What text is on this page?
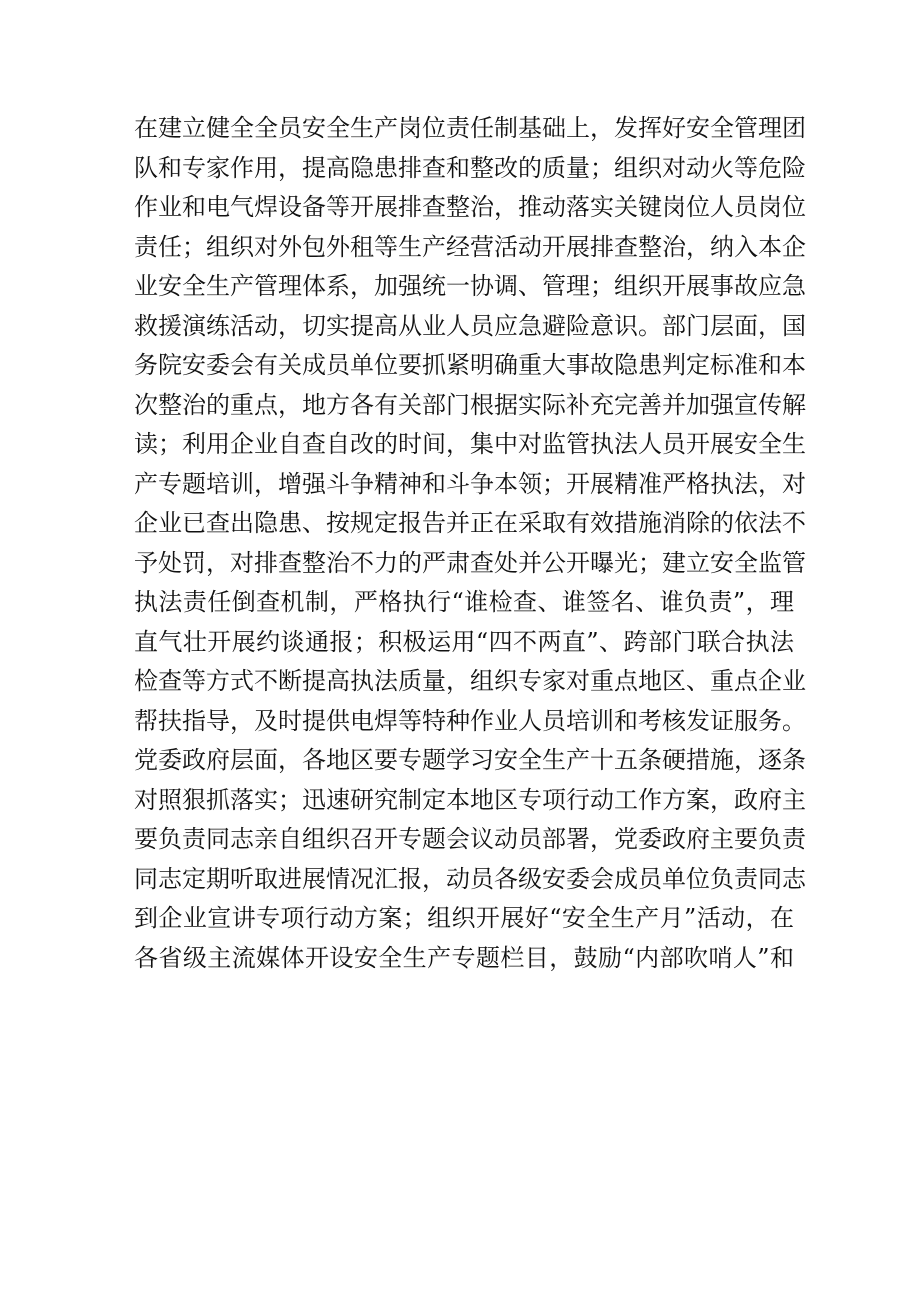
在建立健全全员安全生产岗位责任制基础上，发挥好安全管理团
队和专家作用，提高隐患排查和整改的质量；组织对动火等危险
作业和电气焊设备等开展排查整治，推动落实关键岗位人员岗位
责任；组织对外包外租等生产经营活动开展排查整治，纳入本企
业安全生产管理体系，加强统一协调、管理；组织开展事故应急
救援演练活动，切实提高从业人员应急避险意识。部门层面，国
务院安委会有关成员单位要抓紧明确重大事故隐患判定标准和本
次整治的重点，地方各有关部门根据实际补充完善并加强宣传解
读；利用企业自查自改的时间，集中对监管执法人员开展安全生
产专题培训，增强斗争精神和斗争本领；开展精准严格执法，对
企业已查出隐患、按规定报告并正在采取有效措施消除的依法不
予处罚，对排查整治不力的严肃查处并公开曝光；建立安全监管
执法责任倒查机制，严格执行“谁检查、谁签名、谁负责”，理
直气壮开展约谈通报；积极运用“四不两直”、跨部门联合执法
检查等方式不断提高执法质量，组织专家对重点地区、重点企业
帮扶指导，及时提供电焊等特种作业人员培训和考核发证服务。
党委政府层面，各地区要专题学习安全生产十五条硬措施，逐条
对照狠抓落实；迅速研究制定本地区专项行动工作方案，政府主
要负责同志亲自组织召开专题会议动员部署，党委政府主要负责
同志定期听取进展情况汇报，动员各级安委会成员单位负责同志
到企业宣讲专项行动方案；组织开展好“安全生产月”活动，在
各省级主流媒体开设安全生产专题栏目，鼓励“内部吹哨人”和
